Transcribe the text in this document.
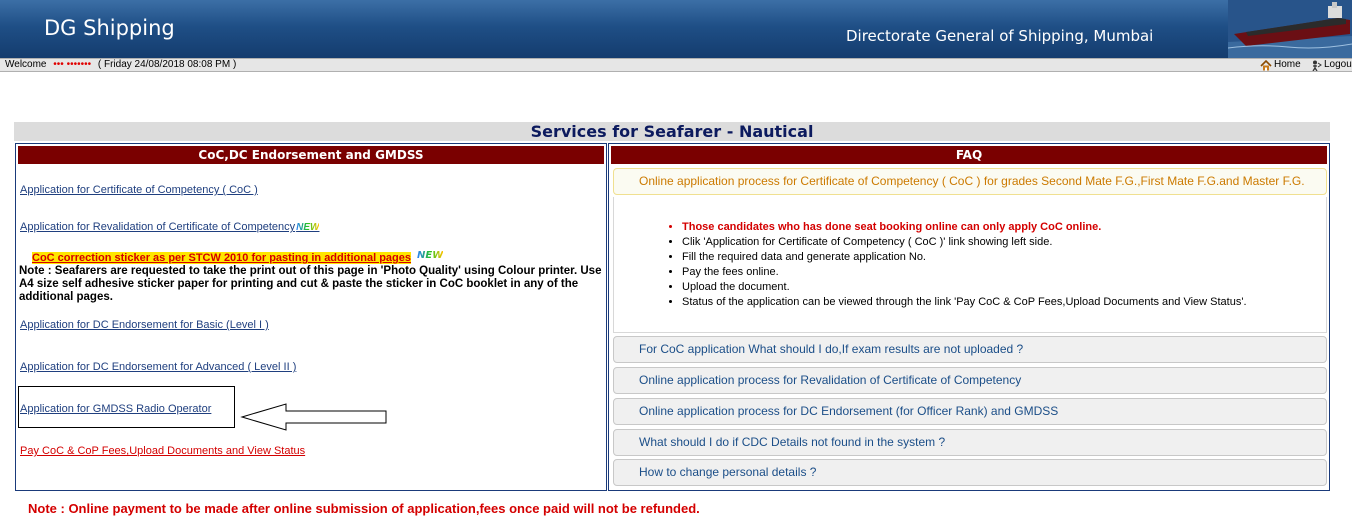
DG Shipping	Directorate General of Shipping, Mumbai
Welcome ••• ••••••• ( Friday 24/08/2018 08:08 PM )	Home Logou
Services for Seafarer - Nautical
CoC,DC Endorsement and GMDSS
Application for Certificate of Competency ( CoC )
Application for Revalidation of Certificate of CompetencyNEW
CoC correction sticker as per STCW 2010 for pasting in additional pages NEW
Note : Seafarers are requested to take the print out of this page in 'Photo Quality' using Colour printer. Use A4 size self adhesive sticker paper for printing and cut & paste the sticker in CoC booklet in any of the additional pages.
Application for DC Endorsement for Basic (Level I )
Application for DC Endorsement for Advanced ( Level II )
Application for GMDSS Radio Operator
Pay CoC & CoP Fees,Upload Documents and View Status
FAQ
Online application process for Certificate of Competency ( CoC ) for grades Second Mate F.G.,First Mate F.G.and Master F.G.
• Those candidates who has done seat booking online can only apply CoC online.
• Clik 'Application for Certificate of Competency ( CoC )' link showing left side.
• Fill the required data and generate application No.
• Pay the fees online.
• Upload the document.
• Status of the application can be viewed through the link 'Pay CoC & CoP Fees,Upload Documents and View Status'.
For CoC application What should I do,If exam results are not uploaded ?
Online application process for Revalidation of Certificate of Competency
Online application process for DC Endorsement (for Officer Rank) and GMDSS
What should I do if CDC Details not found in the system ?
How to change personal details ?
Note : Online payment to be made after online submission of application,fees once paid will not be refunded.
